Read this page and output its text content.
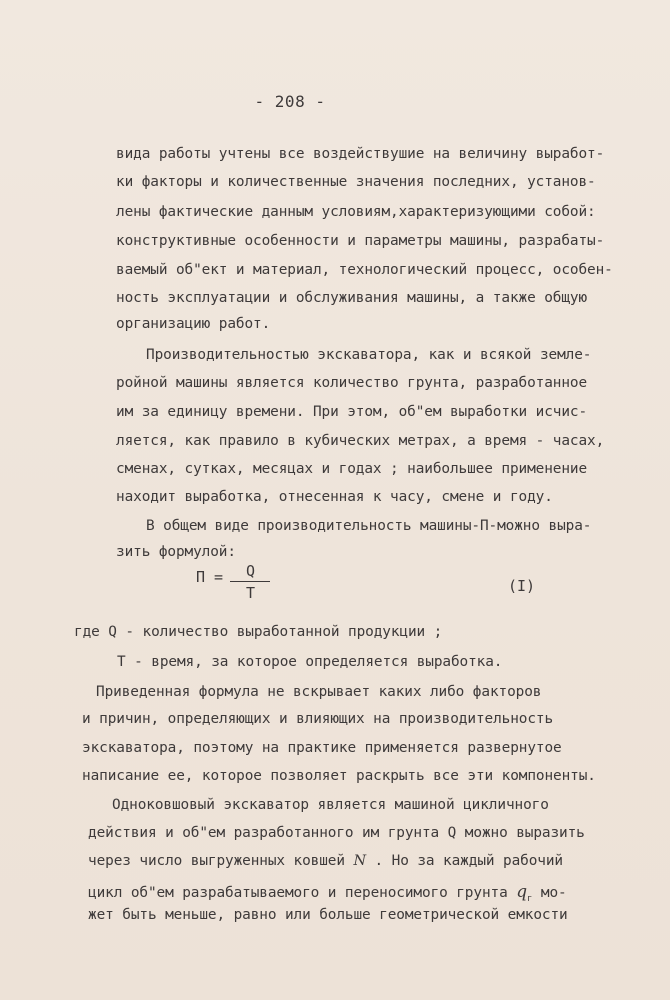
- 208 -
вида работы учтены все воздействушие на величину выработ-
ки факторы и количественные значения последних, установ-
лены фактические данным условиям,характеризующими собой:
конструктивные особенности и параметры машины, разрабаты-
ваемый об"ект и материал, технологический процесс, особен-
ность эксплуатации и обслуживания машины, а также общую
организацию работ.
Производительностью экскаватора, как и всякой земле-
ройной машины является количество грунта, разработанное
им за единицу времени. При этом, об"ем выработки исчис-
ляется, как правило в кубических метрах, а время - часах,
сменах, сутках, месяцах и годах ; наибольшее применение
находит выработка, отнесенная к часу, смене и году.
В общем виде производительность машины-П-можно выра-
зить формулой:
П = Q
T	(I)
где Q - количество выработанной продукции ;
Т - время, за которое определяется выработка.
Приведенная формула не вскрывает каких либо факторов
и причин, определяющих и влияющих на производительность
экскаватора, поэтому на практике применяется развернутое
написание ее, которое позволяет раскрыть все эти компоненты.
Одноковшовый экскаватор является машиной цикличного
действия и об"ем разработанного им грунта Q можно выразить
через число выгруженных ковшей N . Но за каждый рабочий
цикл об"ем разрабатываемого и переносимого грунта $q_г$ мо-
жет быть меньше, равно или больше геометрической емкости
